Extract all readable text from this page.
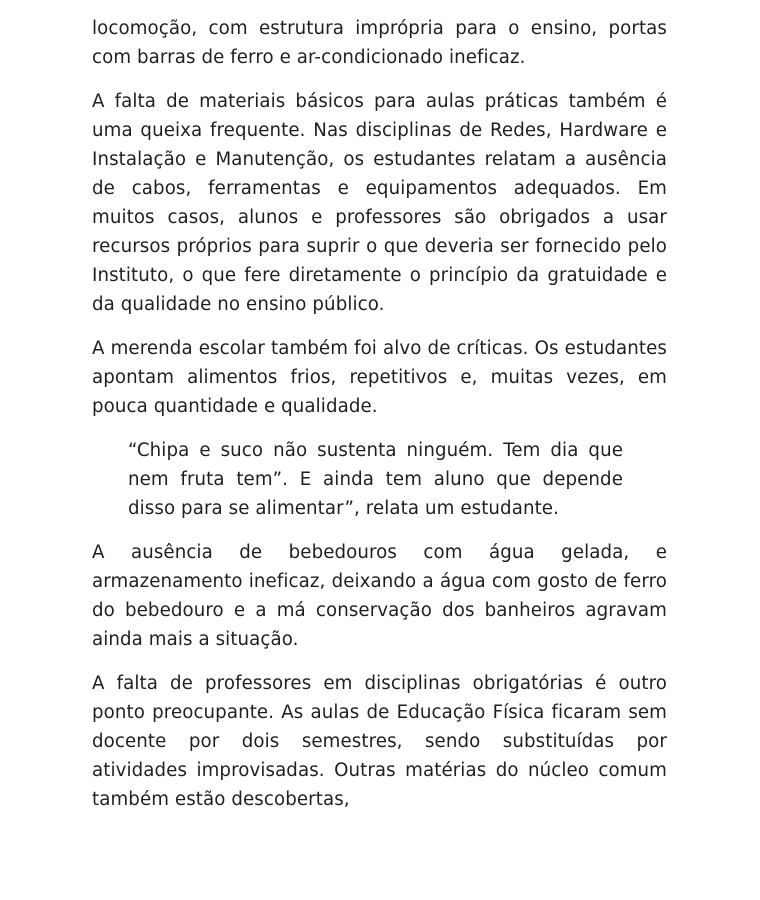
locomoção, com estrutura imprópria para o ensino, portas com barras de ferro e ar-condicionado ineficaz.

A falta de materiais básicos para aulas práticas também é uma queixa frequente. Nas disciplinas de Redes, Hardware e Instalação e Manutenção, os estudantes relatam a ausência de cabos, ferramentas e equipamentos adequados. Em muitos casos, alunos e professores são obrigados a usar recursos próprios para suprir o que deveria ser fornecido pelo Instituto, o que fere diretamente o princípio da gratuidade e da qualidade no ensino público.

A merenda escolar também foi alvo de críticas. Os estudantes apontam alimentos frios, repetitivos e, muitas vezes, em pouca quantidade e qualidade.

“Chipa e suco não sustenta ninguém. Tem dia que nem fruta tem”. E ainda tem aluno que depende disso para se alimentar”, relata um estudante.

A ausência de bebedouros com água gelada, e armazenamento ineficaz, deixando a água com gosto de ferro do bebedouro e a má conservação dos banheiros agravam ainda mais a situação.

A falta de professores em disciplinas obrigatórias é outro ponto preocupante. As aulas de Educação Física ficaram sem docente por dois semestres, sendo substituídas por atividades improvisadas. Outras matérias do núcleo comum também estão descobertas,
